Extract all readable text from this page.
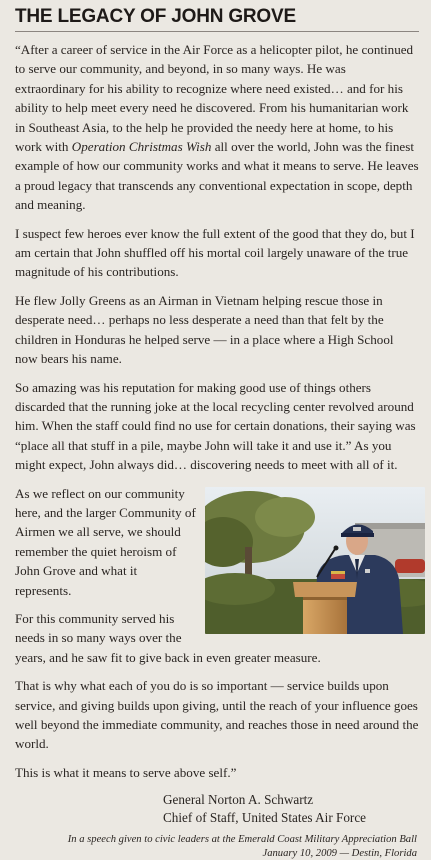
THE LEGACY OF JOHN GROVE

“After a career of service in the Air Force as a helicopter pilot, he continued to serve our community, and beyond, in so many ways. He was extraordinary for his ability to recognize where need existed… and for his ability to help meet every need he discovered. From his humanitarian work in Southeast Asia, to the help he provided the needy here at home, to his work with Operation Christmas Wish all over the world, John was the finest example of how our community works and what it means to serve. He leaves a proud legacy that transcends any conventional expectation in scope, depth and meaning.

I suspect few heroes ever know the full extent of the good that they do, but I am certain that John shuffled off his mortal coil largely unaware of the true magnitude of his contributions.

He flew Jolly Greens as an Airman in Vietnam helping rescue those in desperate need… perhaps no less desperate a need than that felt by the children in Honduras he helped serve — in a place where a High School now bears his name.

So amazing was his reputation for making good use of things others discarded that the running joke at the local recycling center revolved around him. When the staff could find no use for certain donations, their saying was “place all that stuff in a pile, maybe John will take it and use it.” As you might expect, John always did… discovering needs to meet with all of it.

As we reflect on our community here, and the larger Community of Airmen we all serve, we should remember the quiet heroism of John Grove and what it represents.

For this community served his needs in so many ways over the years, and he saw fit to give back in even greater measure.

That is why what each of you do is so important — service builds upon service, and giving builds upon giving, until the reach of your influence goes well beyond the immediate community, and reaches those in need around the world.

This is what it means to serve above self.”

General Norton A. Schwartz
Chief of Staff, United States Air Force
In a speech given to civic leaders at the Emerald Coast Military Appreciation Ball
January 10, 2009 — Destin, Florida
